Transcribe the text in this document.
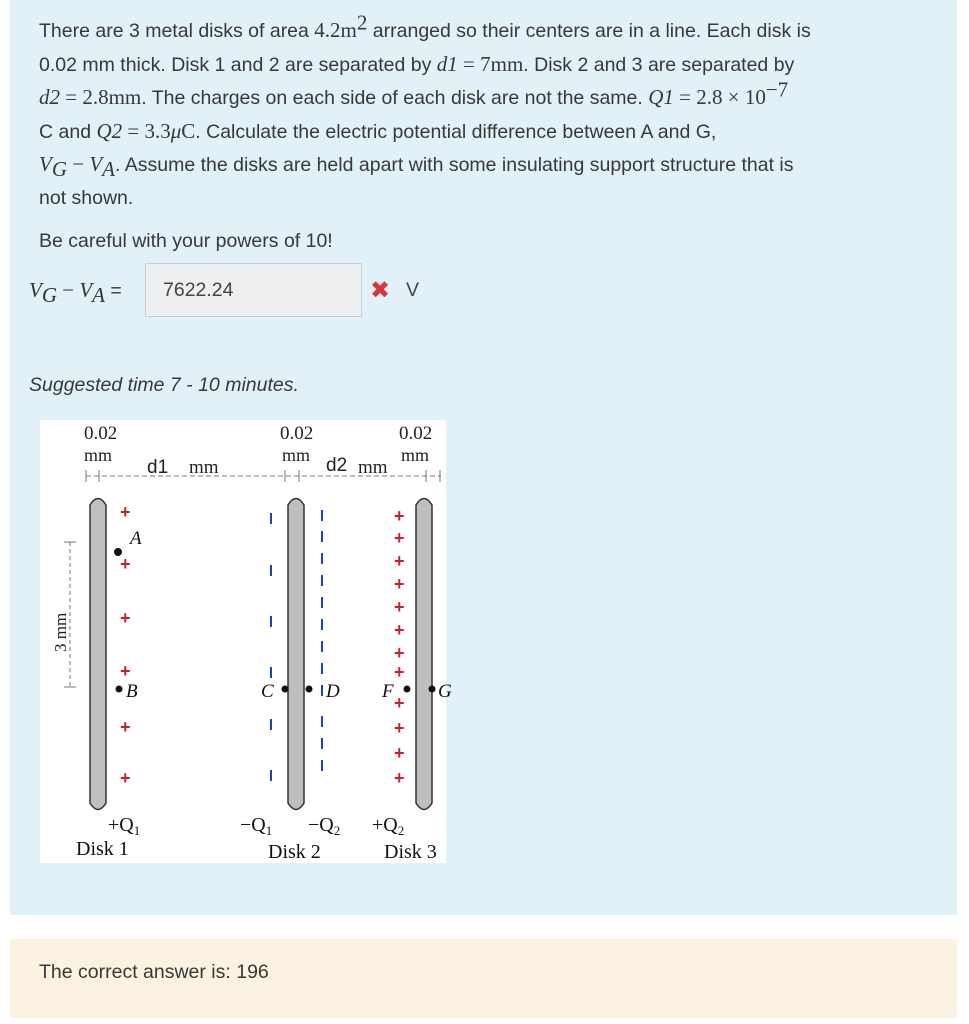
There are 3 metal disks of area $4.2m^2$ arranged so their centers are in a line. Each disk is
0.02 mm thick. Disk 1 and 2 are separated by d1 = 7mm. Disk 2 and 3 are separated by
d2 = 2.8mm. The charges on each side of each disk are not the same. $Q1 = 2.8 \times 10^{-7}$
C and Q2 = 3.3μC. Calculate the electric potential difference between A and G,
$V_G - V_A$. Assume the disks are held apart with some insulating support structure that is
not shown.

Be careful with your powers of 10!
$V_G - V_A$ =	7622.24	✖ V
Suggested time 7 - 10 minutes.
0.02
mm
0.02
mm
0.02
mm
d1 mm	d2 mm
3 mm
+
+
+
+
+
+
+
+
+
+
+
+
+
+
+
+
+
+
A
B	C	D F G
$+Q_1$	$-Q_1 -Q_2 +Q_2$
Disk 1	Disk 2	Disk 3
The correct answer is: 196
